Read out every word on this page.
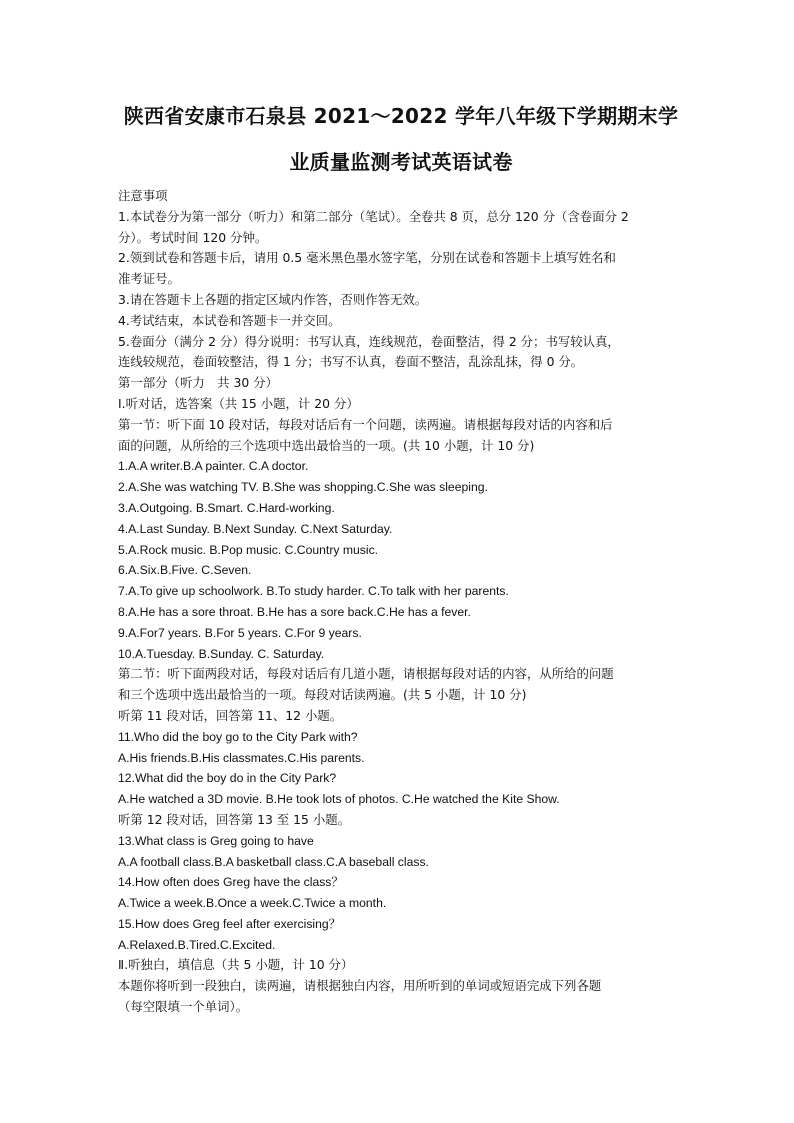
陕西省安康市石泉县 2021～2022 学年八年级下学期期末学
业质量监测考试英语试卷
注意事项
1.本试卷分为第一部分（听力）和第二部分（笔试）。全卷共 8 页，总分 120 分（含卷面分 2
分）。考试时间 120 分钟。
2.领到试卷和答题卡后，请用 0.5 毫米黑色墨水签字笔，分别在试卷和答题卡上填写姓名和
准考证号。
3.请在答题卡上各题的指定区域内作答，否则作答无效。
4.考试结束，本试卷和答题卡一并交回。
5.卷面分（满分 2 分）得分说明：书写认真，连线规范，卷面整洁，得 2 分；书写较认真，
连线较规范，卷面较整洁，得 1 分；书写不认真，卷面不整洁，乱涂乱抹，得 0 分。
第一部分（听力　共 30 分）
Ⅰ.听对话，选答案（共 15 小题，计 20 分）
第一节：听下面 10 段对话，每段对话后有一个问题，读两遍。请根据每段对话的内容和后
面的问题，从所给的三个选项中选出最恰当的一项。(共 10 小题，计 10 分)
1.A.A writer.B.A painter. C.A doctor.
2.A.She was watching TV. B.She was shopping.C.She was sleeping.
3.A.Outgoing. B.Smart. C.Hard-working.
4.A.Last Sunday. B.Next Sunday. C.Next Saturday.
5.A.Rock music. B.Pop music. C.Country music.
6.A.Six.B.Five. C.Seven.
7.A.To give up schoolwork. B.To study harder. C.To talk with her parents.
8.A.He has a sore throat. B.He has a sore back.C.He has a fever.
9.A.For7 years. B.For 5 years. C.For 9 years.
10.A.Tuesday. B.Sunday. C. Saturday.
第二节：听下面两段对话，每段对话后有几道小题，请根据每段对话的内容，从所给的问题
和三个选项中选出最恰当的一项。每段对话读两遍。(共 5 小题，计 10 分)
听第 11 段对话，回答第 11、12 小题。
11.Who did the boy go to the City Park with?
A.His friends.B.His classmates.C.His parents.
12.What did the boy do in the City Park?
A.He watched a 3D movie. B.He took lots of photos. C.He watched the Kite Show.
听第 12 段对话，回答第 13 至 15 小题。
13.What class is Greg going to have
A.A football class.B.A basketball class.C.A baseball class.
14.How often does Greg have the class？
A.Twice a week.B.Once a week.C.Twice a month.
15.How does Greg feel after exercising？
A.Relaxed.B.Tired.C.Excited.
Ⅱ.听独白，填信息（共 5 小题，计 10 分）
本题你将听到一段独白，读两遍，请根据独白内容，用所听到的单词或短语完成下列各题
（每空限填一个单词）。
